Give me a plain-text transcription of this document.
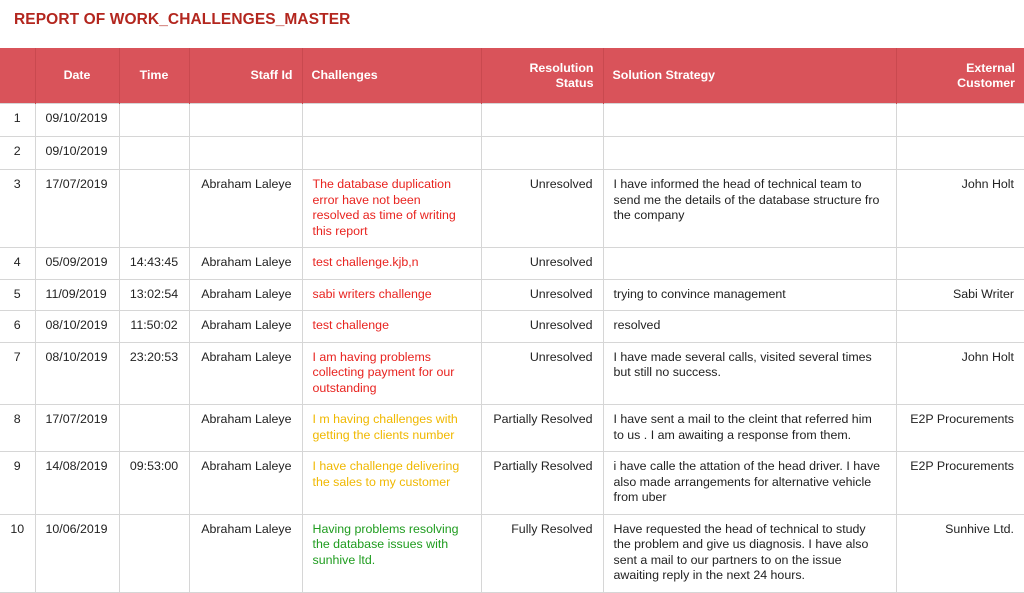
REPORT OF WORK_CHALLENGES_MASTER
	Date	Time	Staff Id	Challenges	Resolution Status	Solution Strategy	External Customer
1	09/10/2019						
2	09/10/2019						
3	17/07/2019		Abraham Laleye	The database duplication error have not been resolved as time of writing this report	Unresolved	I have informed the head of technical team to send me the details of the database structure fro the company	John Holt
4	05/09/2019	14:43:45	Abraham Laleye	test challenge.kjb,n	Unresolved		
5	11/09/2019	13:02:54	Abraham Laleye	sabi writers challenge	Unresolved	trying to convince management	Sabi Writer
6	08/10/2019	11:50:02	Abraham Laleye	test challenge	Unresolved	resolved	
7	08/10/2019	23:20:53	Abraham Laleye	I am having problems collecting payment for our outstanding	Unresolved	I have made several calls, visited several times but still no success.	John Holt
8	17/07/2019		Abraham Laleye	I m having challenges with getting the clients number	Partially Resolved	I have sent a mail to the cleint that referred him to us . I am awaiting a response from them.	E2P Procurements
9	14/08/2019	09:53:00	Abraham Laleye	I have challenge delivering the sales to my customer	Partially Resolved	i have calle the attation of the head driver. I have also made arrangements for alternative vehicle from uber	E2P Procurements
10	10/06/2019		Abraham Laleye	Having problems resolving the database issues with sunhive ltd.	Fully Resolved	Have requested the head of technical to study the problem and give us diagnosis. I have also sent a mail to our partners to on the issue awaiting reply in the next 24 hours.	Sunhive Ltd.
